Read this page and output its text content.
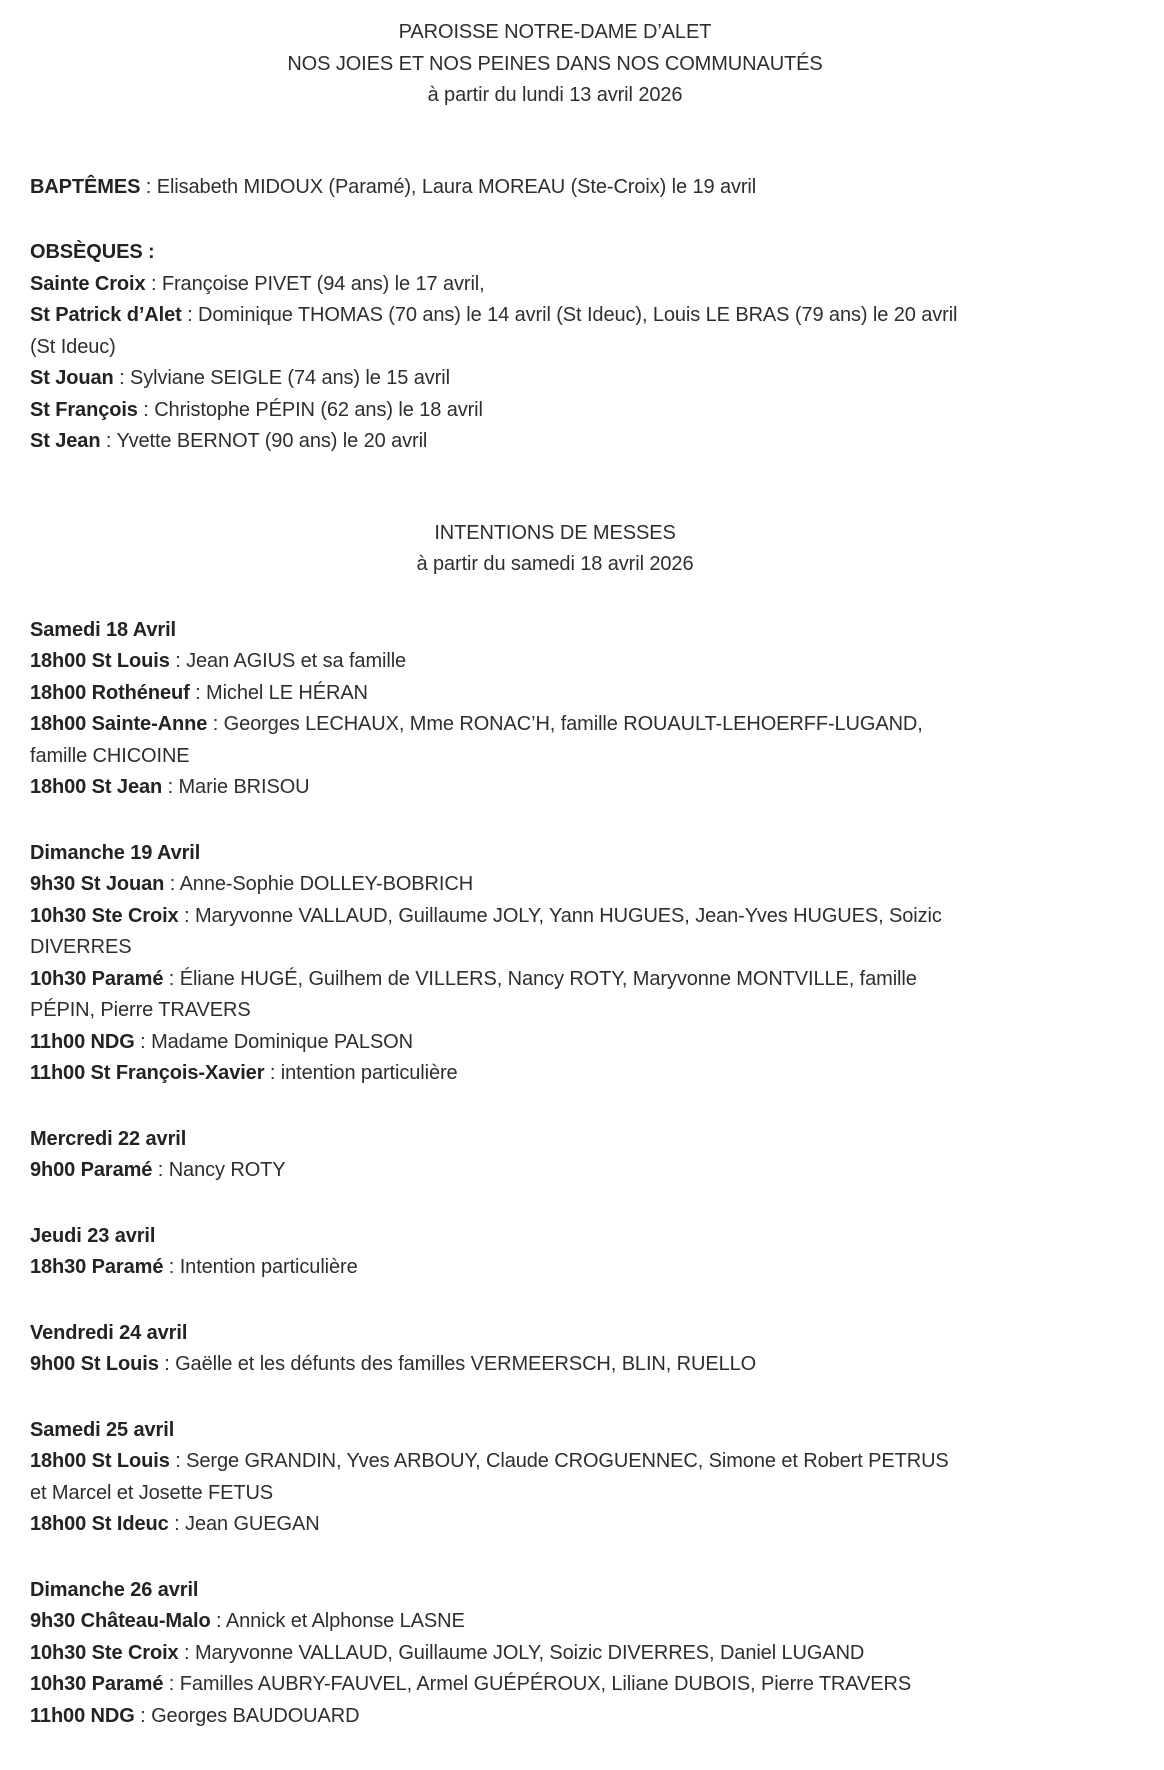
PAROISSE NOTRE-DAME D’ALET

NOS JOIES ET NOS PEINES DANS NOS COMMUNAUTÉS

à partir du lundi 13 avril 2026

BAPTÊMES : Elisabeth MIDOUX (Paramé), Laura MOREAU (Ste-Croix) le 19 avril

OBSÈQUES :

Sainte Croix : Françoise PIVET (94 ans) le 17 avril,

St Patrick d’Alet : Dominique THOMAS (70 ans) le 14 avril (St Ideuc), Louis LE BRAS (79 ans) le 20 avril

(St Ideuc)

St Jouan : Sylviane SEIGLE (74 ans) le 15 avril

St François : Christophe PÉPIN (62 ans) le 18 avril

St Jean : Yvette BERNOT (90 ans) le 20 avril

INTENTIONS DE MESSES

à partir du samedi 18 avril 2026

Samedi 18 Avril

18h00 St Louis : Jean AGIUS et sa famille

18h00 Rothéneuf : Michel LE HÉRAN

18h00 Sainte-Anne : Georges LECHAUX, Mme RONAC’H, famille ROUAULT-LEHOERFF-LUGAND,

famille CHICOINE

18h00 St Jean : Marie BRISOU

Dimanche 19 Avril

9h30 St Jouan : Anne-Sophie DOLLEY-BOBRICH

10h30 Ste Croix : Maryvonne VALLAUD, Guillaume JOLY, Yann HUGUES, Jean-Yves HUGUES, Soizic

DIVERRES

10h30 Paramé : Éliane HUGÉ, Guilhem de VILLERS, Nancy ROTY, Maryvonne MONTVILLE, famille

PÉPIN, Pierre TRAVERS

11h00 NDG : Madame Dominique PALSON

11h00 St François-Xavier : intention particulière

Mercredi 22 avril

9h00 Paramé : Nancy ROTY

Jeudi 23 avril

18h30 Paramé : Intention particulière

Vendredi 24 avril

9h00 St Louis : Gaëlle et les défunts des familles VERMEERSCH, BLIN, RUELLO

Samedi 25 avril

18h00 St Louis : Serge GRANDIN, Yves ARBOUY, Claude CROGUENNEC, Simone et Robert PETRUS

et Marcel et Josette FETUS

18h00 St Ideuc : Jean GUEGAN

Dimanche 26 avril

9h30 Château-Malo : Annick et Alphonse LASNE

10h30 Ste Croix : Maryvonne VALLAUD, Guillaume JOLY, Soizic DIVERRES, Daniel LUGAND

10h30 Paramé : Familles AUBRY-FAUVEL, Armel GUÉPÉROUX, Liliane DUBOIS, Pierre TRAVERS

11h00 NDG : Georges BAUDOUARD
